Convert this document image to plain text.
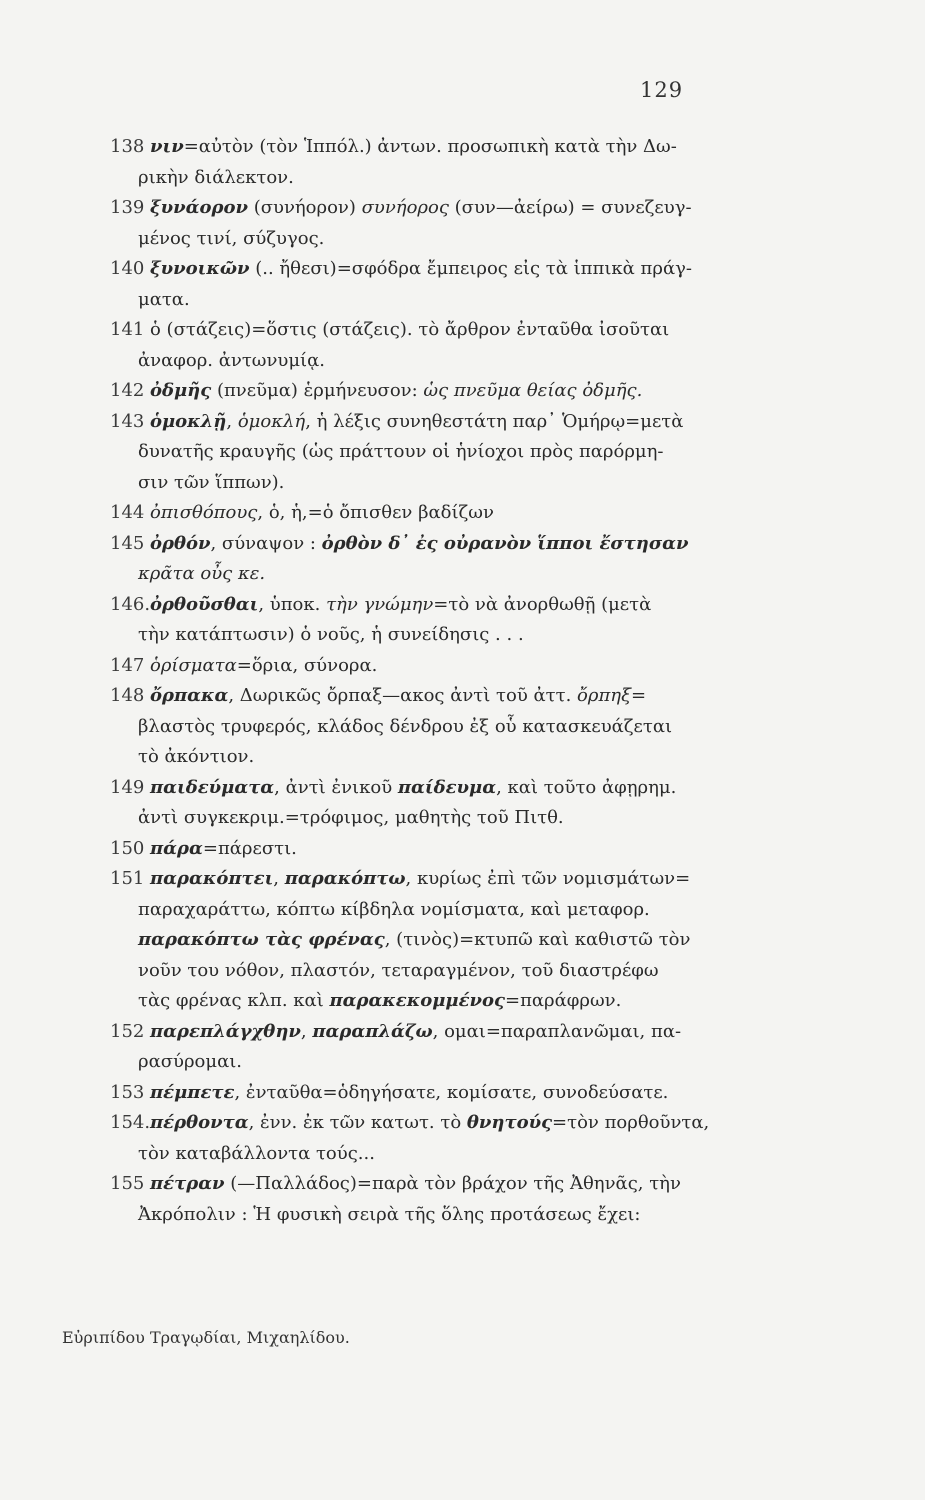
129
138 νιν=αὐτὸν (τὸν Ἱππόλ.) ἀντων. προσωπικὴ κατὰ τὴν Δω-
ρικὴν διάλεκτον.
139 ξυνάορον (συνήορον) συνήορος (συν—ἀείρω) = συνεζευγ-
μένος τινί, σύζυγος.
140 ξυνοικῶν (.. ἤθεσι)=σφόδρα ἔμπειρος εἰς τὰ ἱππικὰ πράγ-
ματα.
141 ὁ (στάζεις)=ὅστις (στάζεις). τὸ ἄρθρον ἐνταῦθα ἰσοῦται
ἀναφορ. ἀντωνυμίᾳ.
142 ὀδμῆς (πνεῦμα) ἑρμήνευσον: ὡς πνεῦμα θείας ὀδμῆς.
143 ὁμοκλῇ, ὁμοκλή, ἡ λέξις συνηθεστάτη παρ᾿ Ὁμήρῳ=μετὰ
δυνατῆς κραυγῆς (ὡς πράττουν οἱ ἡνίοχοι πρὸς παρόρμη-
σιν τῶν ἵππων).
144 ὀπισθόπους, ὁ, ἡ,=ὁ ὄπισθεν βαδίζων
145 ὀρθόν, σύναψον : ὀρθὸν δ᾿ ἐς οὐρανὸν ἵπποι ἔστησαν
κρᾶτα οὖς κε.
146.ὀρθοῦσθαι, ὑποκ. τὴν γνώμην=τὸ νὰ ἀνορθωθῇ (μετὰ
τὴν κατάπτωσιν) ὁ νοῦς, ἡ συνείδησις . . .
147 ὁρίσματα=ὅρια, σύνορα.
148 ὄρπακα, Δωρικῶς ὄρπαξ—ακος ἀντὶ τοῦ ἀττ. ὄρπηξ=
βλαστὸς τρυφερός, κλάδος δένδρου ἐξ οὗ κατασκευάζεται
τὸ ἀκόντιον.
149 παιδεύματα, ἀντὶ ἐνικοῦ παίδευμα, καὶ τοῦτο ἀφῃρημ.
ἀντὶ συγκεκριμ.=τρόφιμος, μαθητὴς τοῦ Πιτθ.
150 πάρα=πάρεστι.
151 παρακόπτει, παρακόπτω, κυρίως ἐπὶ τῶν νομισμάτων=
παραχαράττω, κόπτω κίβδηλα νομίσματα, καὶ μεταφορ.
παρακόπτω τὰς φρένας, (τινὸς)=κτυπῶ καὶ καθιστῶ τὸν
νοῦν του νόθον, πλαστόν, τεταραγμένον, τοῦ διαστρέφω
τὰς φρένας κλπ. καὶ παρακεκομμένος=παράφρων.
152 παρεπλάγχθην, παραπλάζω, ομαι=παραπλανῶμαι, πα-
ρασύρομαι.
153 πέμπετε, ἐνταῦθα=ὁδηγήσατε, κομίσατε, συνοδεύσατε.
154.πέρθοντα, ἐνν. ἐκ τῶν κατωτ. τὸ θνητούς=τὸν πορθοῦντα,
τὸν καταβάλλοντα τούς...
155 πέτραν (—Παλλάδος)=παρὰ τὸν βράχον τῆς Ἀθηνᾶς, τὴν
Ἀκρόπολιν : Ἡ φυσικὴ σειρὰ τῆς ὅλης προτάσεως ἔχει:
Εὐριπίδου Τραγῳδίαι, Μιχαηλίδου.
